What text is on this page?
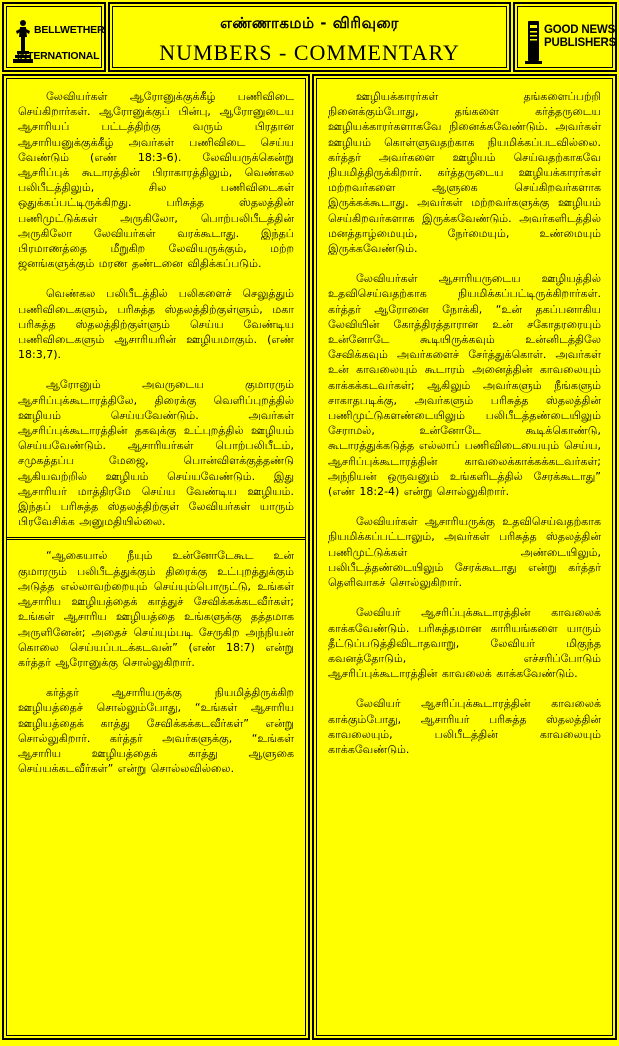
BELLWETHER
INTERNATIONAL
எண்ணாகமம் - விரிவுரை
NUMBERS - COMMENTARY
GOOD NEWS
PUBLISHERS

லேவியர்கள் ஆரோனுக்குக்கீழ் பணிவிடை செய்கிறார்கள். ஆரோனுக்குப் பின்பு, ஆரோனுடைய ஆசாரியப் பட்டத்திற்கு வரும் பிரதான ஆசாரியனுக்குக்கீழ் அவர்கள் பணிவிடை செய்ய வேண்டும் (எண் 18:3-6). லேவியருக்கென்று ஆசரிப்புக் கூடாரத்தின் பிராகாரத்திலும், வெண்கல பலிபீடத்திலும், சில பணிவிடைகள் ஒதுக்கப்பட்டிருக்கிறது. பரிசுத்த ஸ்தலத்தின் பணிமுட்டுக்கள் அருகிலோ, பொற்பலிபீடத்தின் அருகிலோ லேவியர்கள் வரக்கூடாது. இந்தப் பிரமாணத்தை மீறுகிற லேவியருக்கும், மற்ற ஜனங்களுக்கும் மரண தண்டனை விதிக்கப்படும்.

வெண்கல பலிபீடத்தில் பலிகளைச் செலுத்தும் பணிவிடைகளும், பரிசுத்த ஸ்தலத்திற்குள்ளும், மகா பரிசுத்த ஸ்தலத்திற்குள்ளும் செய்ய வேண்டிய பணிவிடைகளும் ஆசாரியரின் ஊழியமாகும். (எண் 18:3,7).

ஆரோனும் அவருடைய குமாரரும் ஆசரிப்புக்கூடாரத்திலே, திரைக்கு வெளிப்புறத்தில் ஊழியம் செய்யவேண்டும். அவர்கள் ஆசரிப்புக்கூடாரத்தின் தகவுக்கு உட்புறத்தில் ஊழியம் செய்யவேண்டும். ஆசாரியர்கள் பொற்பலிபீடம், சமுகத்தப்ப மேஜை, பொன்விளக்குத்தண்டு ஆகியவற்றில் ஊழியம் செய்யவேண்டும். இது ஆசாரியர் மாத்திரமே செய்ய வேண்டிய ஊழியம். இந்தப் பரிசுத்த ஸ்தலத்திற்குள் லேவியர்கள் யாரும் பிரவேசிக்க அனுமதியில்லை.

“ஆகையால் நீயும் உன்னோடேகூட உன் குமாரரும் பலிபீடத்துக்கும் திரைக்கு உட்புறத்துக்கும் அடுத்த எல்லாவற்றையும் செய்யும்பொருட்டு, உங்கள் ஆசாரிய ஊழியத்தைக் காத்துச் சேவிக்கக்கடவீர்கள்; உங்கள் ஆசாரிய ஊழியத்தை உங்களுக்கு தத்தமாக அருளினேன்; அதைச் செய்யும்படி சேருகிற அந்நியன் கொலை செய்யப்படக்கடவன்” (எண் 18:7) என்று கர்த்தர் ஆரோனுக்கு சொல்லுகிறார்.

கர்த்தர் ஆசாரியருக்கு நியமித்திருக்கிற ஊழியத்தைச் சொல்லும்போது, “உங்கள் ஆசாரிய ஊழியத்தைக் காத்து சேவிக்கக்கடவீர்கள்” என்று சொல்லுகிறார். கர்த்தர் அவர்களுக்கு, “உங்கள் ஆசாரிய ஊழியத்தைக் காத்து ஆளுகை செய்யக்கடவீர்கள்” என்று சொல்லவில்லை.

ஊழியக்காரர்கள் தங்களைப்பற்றி நினைக்கும்போது, தங்களை கர்த்தருடைய ஊழியக்காரர்களாகவே நினைக்கவேண்டும். அவர்கள் ஊழியம் கொள்ளுவதற்காக நியமிக்கப்படவில்லை. கர்த்தர் அவர்களை ஊழியம் செய்வதற்காகவே நியமித்திருக்கிறார். கர்த்தருடைய ஊழியக்காரர்கள் மற்றவர்களை ஆளுகை செய்கிறவர்களாக இருக்கக்கூடாது. அவர்கள் மற்றவர்களுக்கு ஊழியம் செய்கிறவர்களாக இருக்கவேண்டும். அவர்களிடத்தில் மனத்தாழ்மையும், நேர்மையும், உண்மையும் இருக்கவேண்டும்.

லேவியர்கள் ஆசாரியருடைய ஊழியத்தில் உதவிசெய்வதற்காக நியமிக்கப்பட்டிருக்கிறார்கள். கர்த்தர் ஆரோனை நோக்கி, “உன் தகப்பனாகிய லேவியின் கோத்திரத்தாரான உன் சகோதரரையும் உன்னோடே கூடியிருக்கவும் உன்னிடத்திலே சேவிக்கவும் அவர்களைச் சேர்த்துக்கொள். அவர்கள் உன் காவலையும் கூடாரம் அனைத்தின் காவலையும் காக்கக்கடவர்கள்; ஆகிலும் அவர்களும் நீங்களும் சாகாதபடிக்கு, அவர்களும் பரிசுத்த ஸ்தலத்தின் பணிமுட்டுகளண்டையிலும் பலிபீடத்தண்டையிலும் சேராமல், உன்னோடே கூடிக்கொண்டு, கூடாரத்துக்கடுத்த எல்லாப் பணிவிடையையும் செய்ய, ஆசரிப்புக்கூடாரத்தின் காவலைக்காக்கக்கடவர்கள்; அந்நியன் ஒருவனும் உங்களிடத்தில் சேரக்கூடாது” (எண் 18:2-4) என்று சொல்லுகிறார்.

லேவியர்கள் ஆசாரியருக்கு உதவிசெய்வதற்காக நியமிக்கப்பட்டாலும், அவர்கள் பரிசுத்த ஸ்தலத்தின் பணிமுட்டுக்கள் அண்டையிலும், பலிபீடத்தண்டையிலும் சேரக்கூடாது என்று கர்த்தர் தெளிவாகச் சொல்லுகிறார்.

லேவியர் ஆசரிப்புக்கூடாரத்தின் காவலைக் காக்கவேண்டும். பரிசுத்தமான காரியங்களை யாரும் தீட்டுப்படுத்திவிடாதவாறு, லேவியர் மிகுந்த கவனத்தோடும், எச்சரிப்போடும் ஆசரிப்புக்கூடாரத்தின் காவலைக் காக்கவேண்டும்.

லேவியர் ஆசரிப்புக்கூடாரத்தின் காவலைக் காக்கும்போது, ஆசாரியர் பரிசுத்த ஸ்தலத்தின் காவலையும், பலிபீடத்தின் காவலையும் காக்கவேண்டும்.
